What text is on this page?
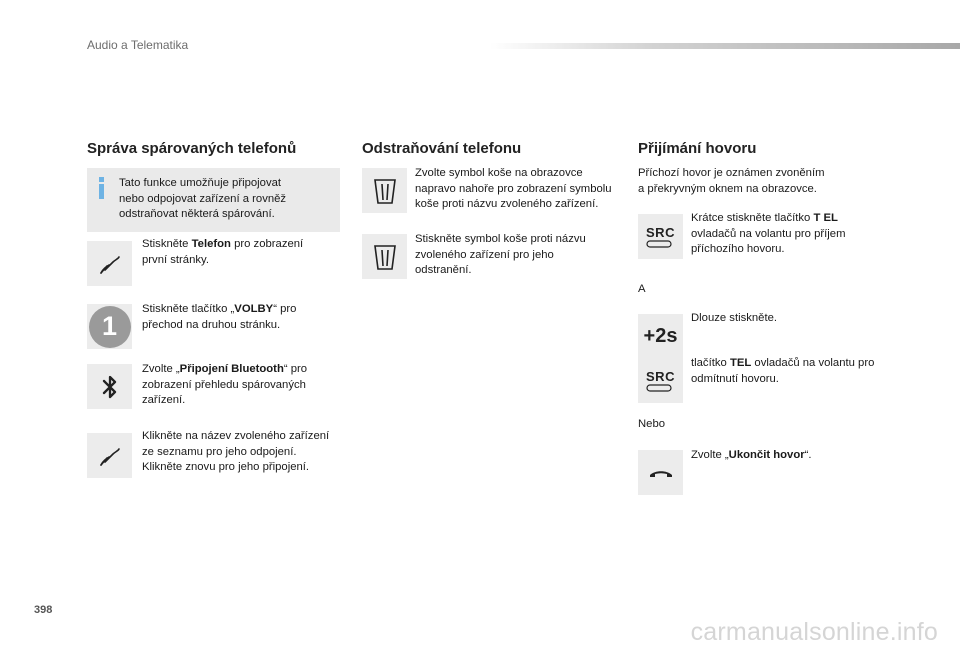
Audio a Telematika
Správa spárovaných telefonů
Tato funkce umožňuje připojovat
nebo odpojovat zařízení a rovněž
odstraňovat některá spárování.
Stiskněte Telefon pro zobrazení
první stránky.
1
Stiskněte tlačítko „VOLBY“ pro
přechod na druhou stránku.
Zvolte „Připojení Bluetooth“ pro
zobrazení přehledu spárovaných
zařízení.
Klikněte na název zvoleného zařízení
ze seznamu pro jeho odpojení.
Klikněte znovu pro jeho připojení.
Odstraňování telefonu
Zvolte symbol koše na obrazovce
napravo nahoře pro zobrazení symbolu
koše proti názvu zvoleného zařízení.
Stiskněte symbol koše proti názvu
zvoleného zařízení pro jeho
odstranění.
Přijímání hovoru
Příchozí hovor je oznámen zvoněním
a překryvným oknem na obrazovce.
SRC
Krátce stiskněte tlačítko T EL
ovladačů na volantu pro příjem
příchozího hovoru.
A
+2s
Dlouze stiskněte.
SRC
tlačítko TEL ovladačů na volantu pro
odmítnutí hovoru.
Nebo
Zvolte „Ukončit hovor“.
398
carmanualsonline.info
